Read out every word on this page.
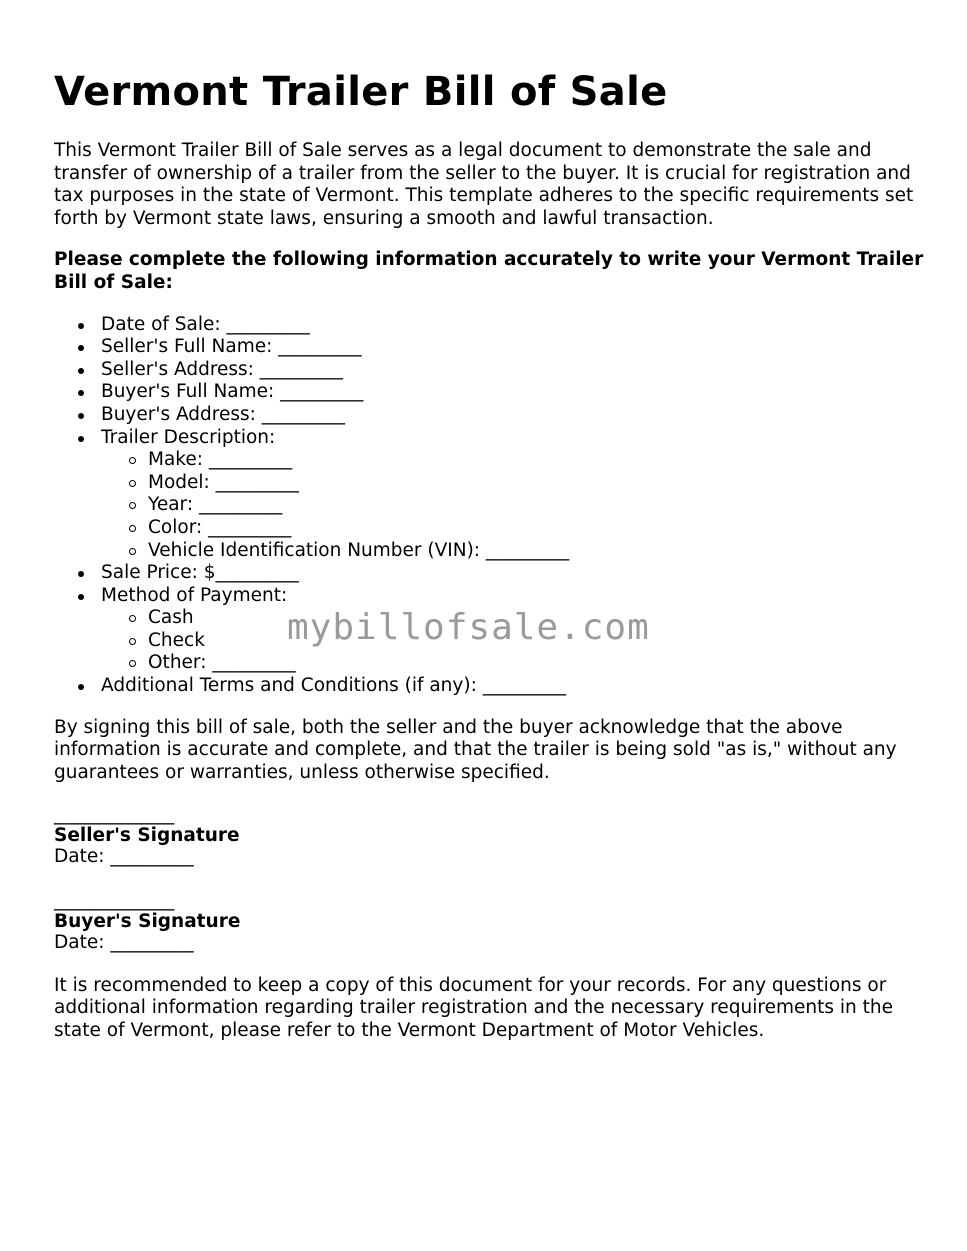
Vermont Trailer Bill of Sale

This Vermont Trailer Bill of Sale serves as a legal document to demonstrate the sale and transfer of ownership of a trailer from the seller to the buyer. It is crucial for registration and tax purposes in the state of Vermont. This template adheres to the specific requirements set forth by Vermont state laws, ensuring a smooth and lawful transaction.

Please complete the following information accurately to write your Vermont Trailer Bill of Sale:

Date of Sale: _________
Seller's Full Name: _________
Seller's Address: _________
Buyer's Full Name: _________
Buyer's Address: _________
Trailer Description:
Make: _________
Model: _________
Year: _________
Color: _________
Vehicle Identification Number (VIN): _________
Sale Price: $_________
Method of Payment:
Cash
Check
Other: _________
Additional Terms and Conditions (if any): _________

By signing this bill of sale, both the seller and the buyer acknowledge that the above information is accurate and complete, and that the trailer is being sold "as is," without any guarantees or warranties, unless otherwise specified.

_____________
Seller's Signature
Date: _________
_____________
Buyer's Signature
Date: _________

It is recommended to keep a copy of this document for your records. For any questions or additional information regarding trailer registration and the necessary requirements in the state of Vermont, please refer to the Vermont Department of Motor Vehicles.

mybillofsale.com
